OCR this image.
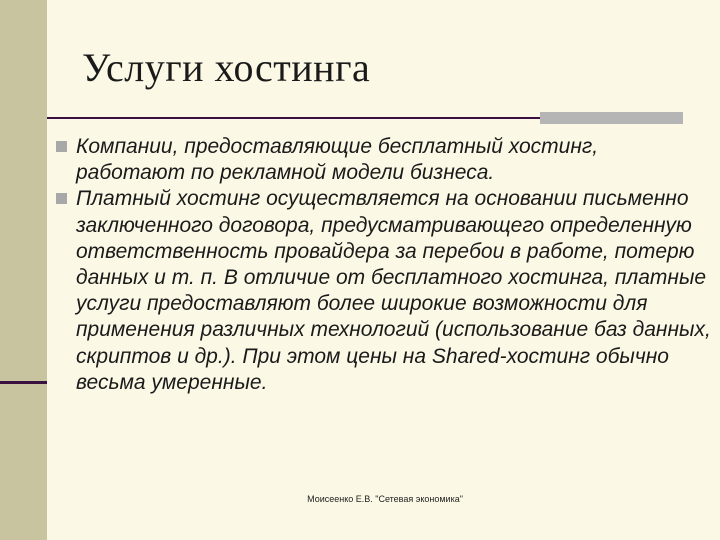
Услуги хостинга
Компании, предоставляющие бесплатный хостинг, работают по рекламной модели бизнеса.
Платный хостинг осуществляется на основании письменно заключенного договора, предусматривающего определенную ответственность провайдера за перебои в работе, потерю данных и т. п. В отличие от бесплатного хостинга, платные услуги предоставляют более широкие возможности для применения различных технологий (использование баз данных, скриптов и др.). При этом цены на Shared-хостинг обычно весьма умеренные.
Моисеенко Е.В. "Сетевая экономика"
